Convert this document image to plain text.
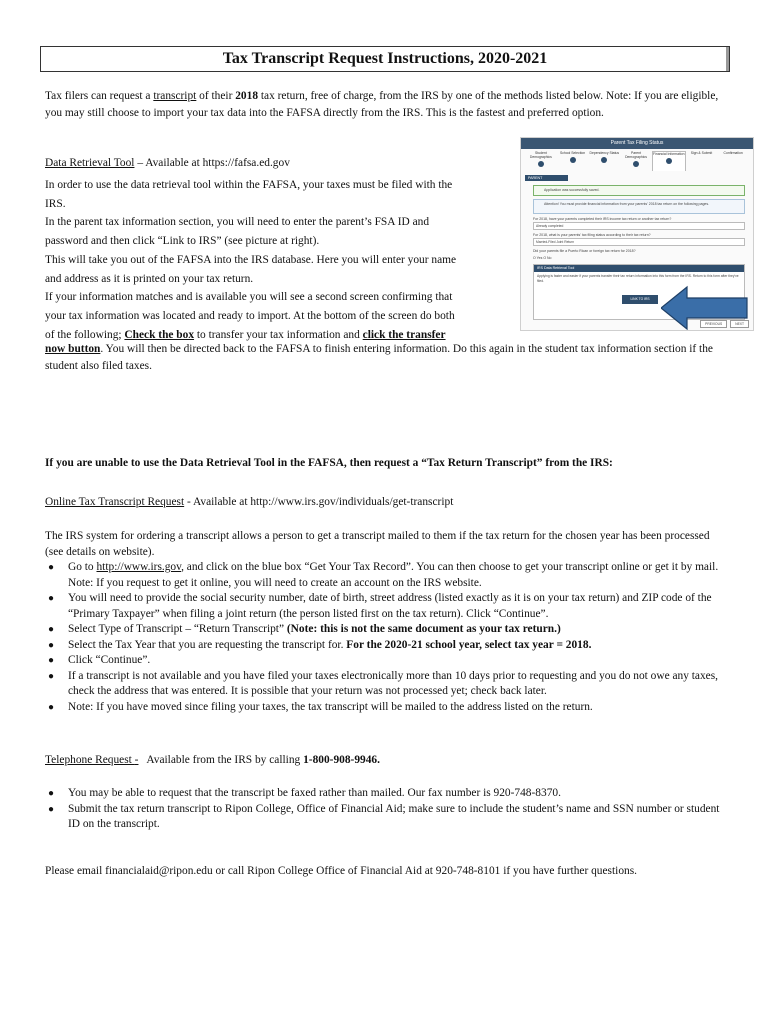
Tax Transcript Request Instructions, 2020-2021
Tax filers can request a transcript of their 2018 tax return, free of charge, from the IRS by one of the methods listed below. Note: If you are eligible, you may still choose to import your tax data into the FAFSA directly from the IRS. This is the fastest and preferred option.
Data Retrieval Tool – Available at https://fafsa.ed.gov
In order to use the data retrieval tool within the FAFSA, your taxes must be filed with the
IRS.
In the parent tax information section, you will need to enter the parent’s FSA ID and
password and then click “Link to IRS” (see picture at right).
This will take you out of the FAFSA into the IRS database. Here you will enter your name
and address as it is printed on your tax return.
If your information matches and is available you will see a second screen confirming that
your tax information was located and ready to import. At the bottom of the screen do both
of the following; Check the box to transfer your tax information and click the transfer
now button. You will then be directed back to the FAFSA to finish entering information. Do this again in the student tax information section if the student also filed taxes.
Parent Tax Filing Status
Student Demographics
School Selection	Dependency Status	Parent Demographics
Financial Information	Sign & Submit	Confirmation
PARENT INFORMATION
Application was successfully saved.
Attention! You must provide financial information from your parents' 2018 tax return on the following pages.
For 2018, have your parents completed their IRS income tax return or another tax return?
Already completed
For 2018, what is your parents' tax filing status according to their tax return?
Married-Filed Joint Return
Did your parents file a Puerto Rican or foreign tax return for 2018?
O Yes O No
IRS Data Retrieval Tool
Applying is faster and easier if your parents transfer their tax return information into this form from the IRS. Return to this form after they've filed.
LINK TO IRS
PREVIOUS	NEXT
If you are unable to use the Data Retrieval Tool in the FAFSA, then request a “Tax Return Transcript” from the IRS:
Online Tax Transcript Request - Available at http://www.irs.gov/individuals/get-transcript
The IRS system for ordering a transcript allows a person to get a transcript mailed to them if the tax return for the chosen year has been processed (see details on website).
● Go to http://www.irs.gov, and click on the blue box “Get Your Tax Record”. You can then choose to get your transcript online or get it by mail. Note: If you request to get it online, you will need to create an account on the IRS website.
● You will need to provide the social security number, date of birth, street address (listed exactly as it is on your tax return) and ZIP code of the “Primary Taxpayer” when filing a joint return (the person listed first on the tax return). Click “Continue”.
● Select Type of Transcript – “Return Transcript” (Note: this is not the same document as your tax return.)
● Select the Tax Year that you are requesting the transcript for. For the 2020-21 school year, select tax year = 2018.
● Click “Continue”.
● If a transcript is not available and you have filed your taxes electronically more than 10 days prior to requesting and you do not owe any taxes, check the address that was entered. It is possible that your return was not processed yet; check back later.
● Note: If you have moved since filing your taxes, the tax transcript will be mailed to the address listed on the return.
Telephone Request -   Available from the IRS by calling 1-800-908-9946.
● You may be able to request that the transcript be faxed rather than mailed. Our fax number is 920-748-8370.
● Submit the tax return transcript to Ripon College, Office of Financial Aid; make sure to include the student’s name and SSN number or student ID on the transcript.
Please email financialaid@ripon.edu or call Ripon College Office of Financial Aid at 920-748-8101 if you have further questions.
